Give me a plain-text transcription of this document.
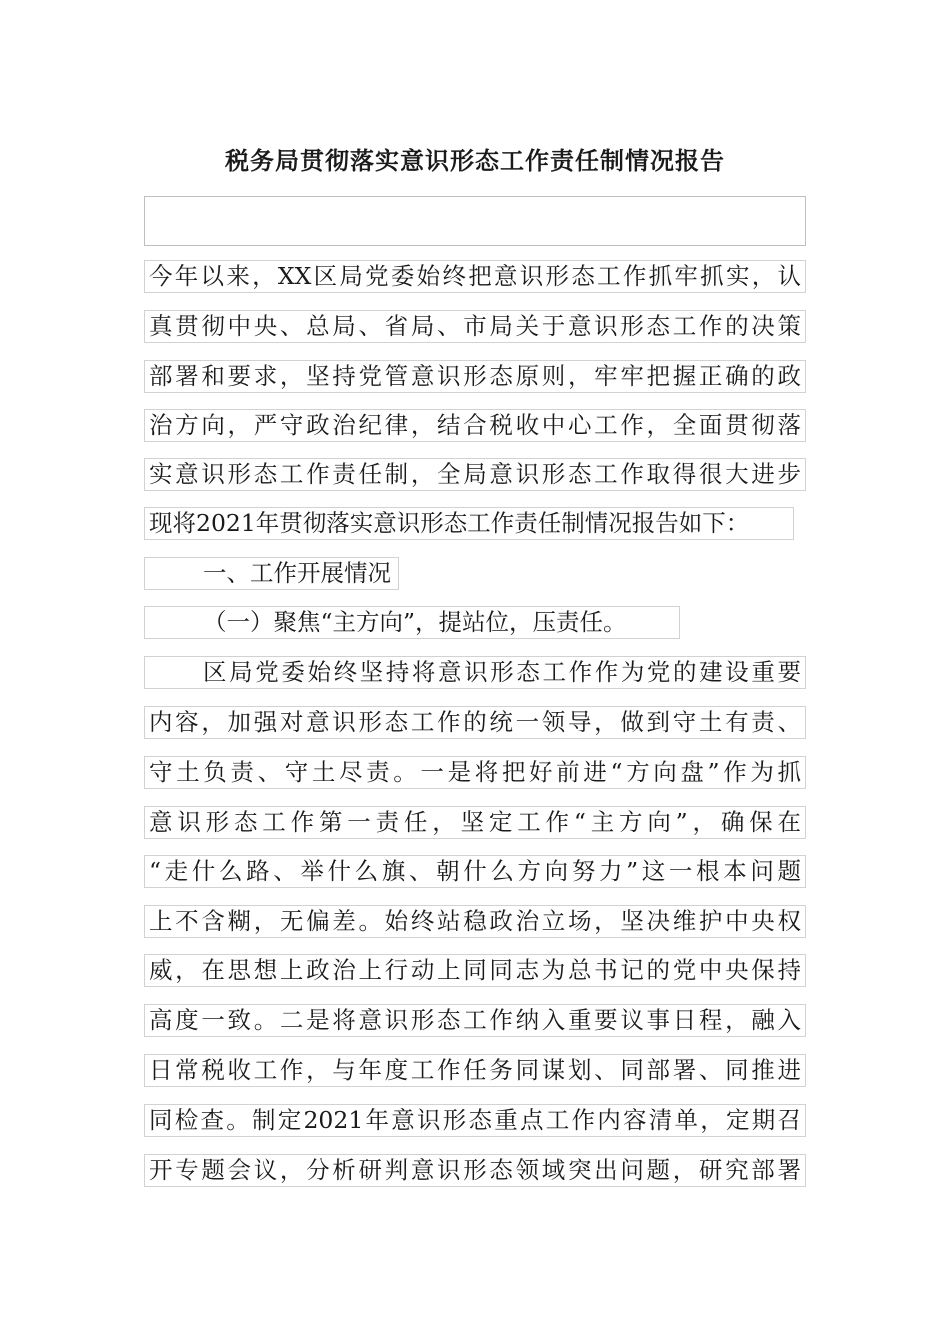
税务局贯彻落实意识形态工作责任制情况报告
今年以来，XX区局党委始终把意识形态工作抓牢抓实，认
真贯彻中央、总局、省局、市局关于意识形态工作的决策
部署和要求，坚持党管意识形态原则，牢牢把握正确的政
治方向，严守政治纪律，结合税收中心工作，全面贯彻落
实意识形态工作责任制，全局意识形态工作取得很大进步
现将2021年贯彻落实意识形态工作责任制情况报告如下：
一、工作开展情况
（一）聚焦“主方向”，提站位，压责任。
区局党委始终坚持将意识形态工作作为党的建设重要
内容，加强对意识形态工作的统一领导，做到守土有责、
守土负责、守土尽责。一是将把好前进“方向盘”作为抓
意识形态工作第一责任，坚定工作“主方向”，确保在
“走什么路、举什么旗、朝什么方向努力”这一根本问题
上不含糊，无偏差。始终站稳政治立场，坚决维护中央权
威，在思想上政治上行动上同同志为总书记的党中央保持
高度一致。二是将意识形态工作纳入重要议事日程，融入
日常税收工作，与年度工作任务同谋划、同部署、同推进
同检查。制定2021年意识形态重点工作内容清单，定期召
开专题会议，分析研判意识形态领域突出问题，研究部署
